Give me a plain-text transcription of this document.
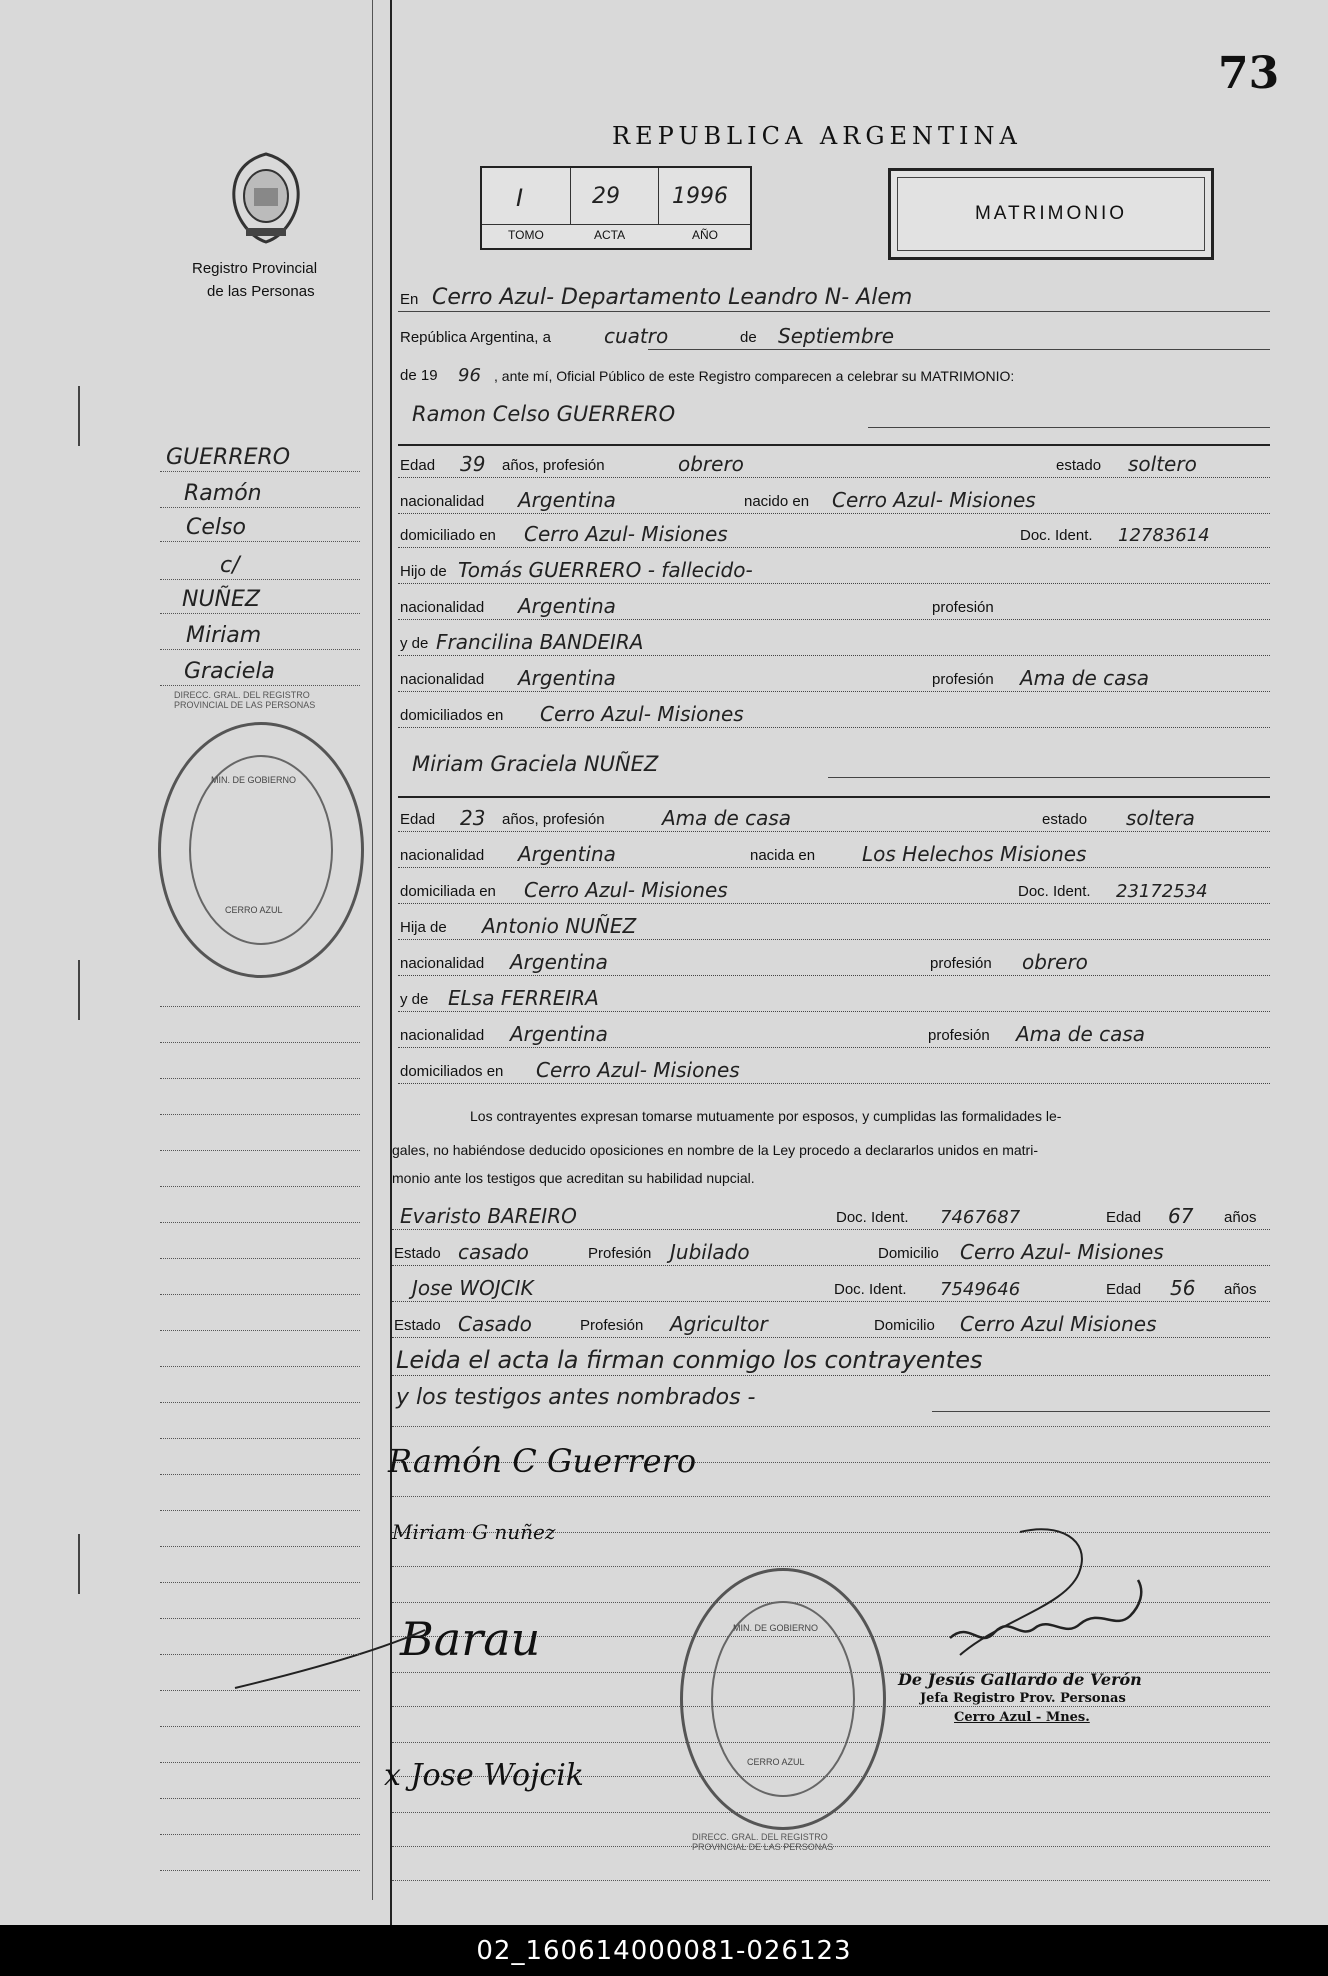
73
REPUBLICA ARGENTINA
Registro Provincial
de las Personas
I	29 1996
TOMO	ACTA	AÑO
MATRIMONIO
En Cerro Azul- Departamento Leandro N- Alem
República Argentina, a	cuatro	de Septiembre
de 19 96 , ante mí, Oficial Público de este Registro comparecen a celebrar su MATRIMONIO:
Ramon Celso GUERRERO
Edad 39 años, profesión	obrero	estado soltero
nacionalidad Argentina	nacido en Cerro Azul- Misiones
domiciliado en Cerro Azul- Misiones	Doc. Ident. 12783614
Hijo de Tomás GUERRERO - fallecido-
nacionalidad Argentina	profesión
y de Francilina BANDEIRA
nacionalidad Argentina	profesión Ama de casa
domiciliados en Cerro Azul- Misiones
Miriam Graciela NUÑEZ
Edad 23 años, profesión	Ama de casa	estado soltera
nacionalidad Argentina	nacida en Los Helechos Misiones
domiciliada en Cerro Azul- Misiones	Doc. Ident. 23172534
Hija de Antonio NUÑEZ
nacionalidad Argentina	profesión obrero
y de ELsa FERREIRA
nacionalidad Argentina	profesión Ama de casa
domiciliados en Cerro Azul- Misiones
Los contrayentes expresan tomarse mutuamente por esposos, y cumplidas las formalidades le-
gales, no habiéndose deducido oposiciones en nombre de la Ley procedo a declararlos unidos en matri-
monio ante los testigos que acreditan su habilidad nupcial.
Evaristo BAREIRO	Doc. Ident. 7467687	Edad 67 años
Estado casado	Profesión Jubilado	Domicilio Cerro Azul- Misiones
Jose WOJCIK	Doc. Ident. 7549646	Edad 56 años
Estado Casado	Profesión Agricultor	Domicilio Cerro Azul Misiones
Leida el acta la firman conmigo los contrayentes
y los testigos antes nombrados -
Ramón C Guerrero
Miriam G nuñez
Barau
x Jose Wojcik
De Jesús Gallardo de Verón
Jefa Registro Prov. Personas
Cerro Azul - Mnes.
MIN. DE GOBIERNO
CERRO AZUL
DIRECC. GRAL. DEL REGISTRO PROVINCIAL DE LAS PERSONAS
MIN. DE GOBIERNO
CERRO AZUL
DIRECC. GRAL. DEL REGISTRO PROVINCIAL DE LAS PERSONAS
GUERRERO
Ramón
Celso
c/
NUÑEZ
Miriam
Graciela
02_160614000081-026123
